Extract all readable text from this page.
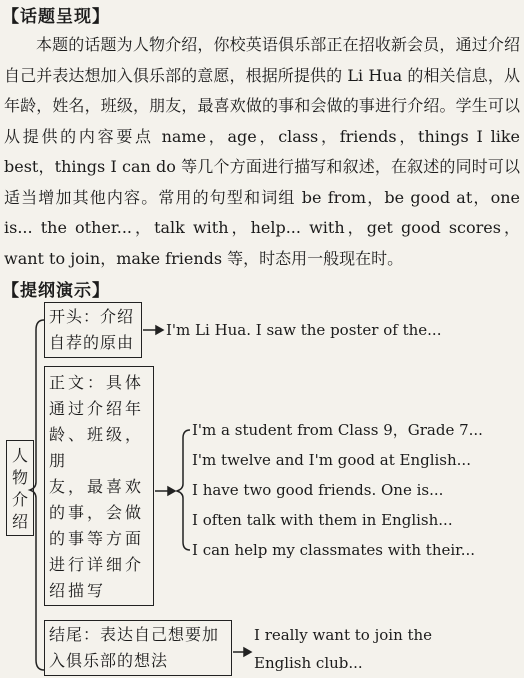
【话题呈现】

本题的话题为人物介绍，你校英语俱乐部正在招收新会员，通过介绍自己并表达想加入俱乐部的意愿，根据所提供的 Li Hua 的相关信息，从年龄，姓名，班级，朋友，最喜欢做的事和会做的事进行介绍。学生可以从提供的内容要点 name，age，class，friends，things I like best，things I can do 等几个方面进行描写和叙述，在叙述的同时可以适当增加其他内容。常用的句型和词组 be from，be good at，one is... the other...，talk with，help... with，get good scores，want to join，make friends 等，时态用一般现在时。

【提纲演示】
人
物
介
绍
开头：介绍
自荐的原由
I'm Li Hua. I saw the poster of the...
正文：具体
通过介绍年
龄、班级，朋
友，最喜欢
的事，会做
的事等方面
进行详细介
绍描写
I'm a student from Class 9，Grade 7...
I'm twelve and I'm good at English...
I have two good friends. One is...
I often talk with them in English...
I can help my classmates with their...
结尾：表达自己想要加
入俱乐部的想法
I really want to join the
English club...
